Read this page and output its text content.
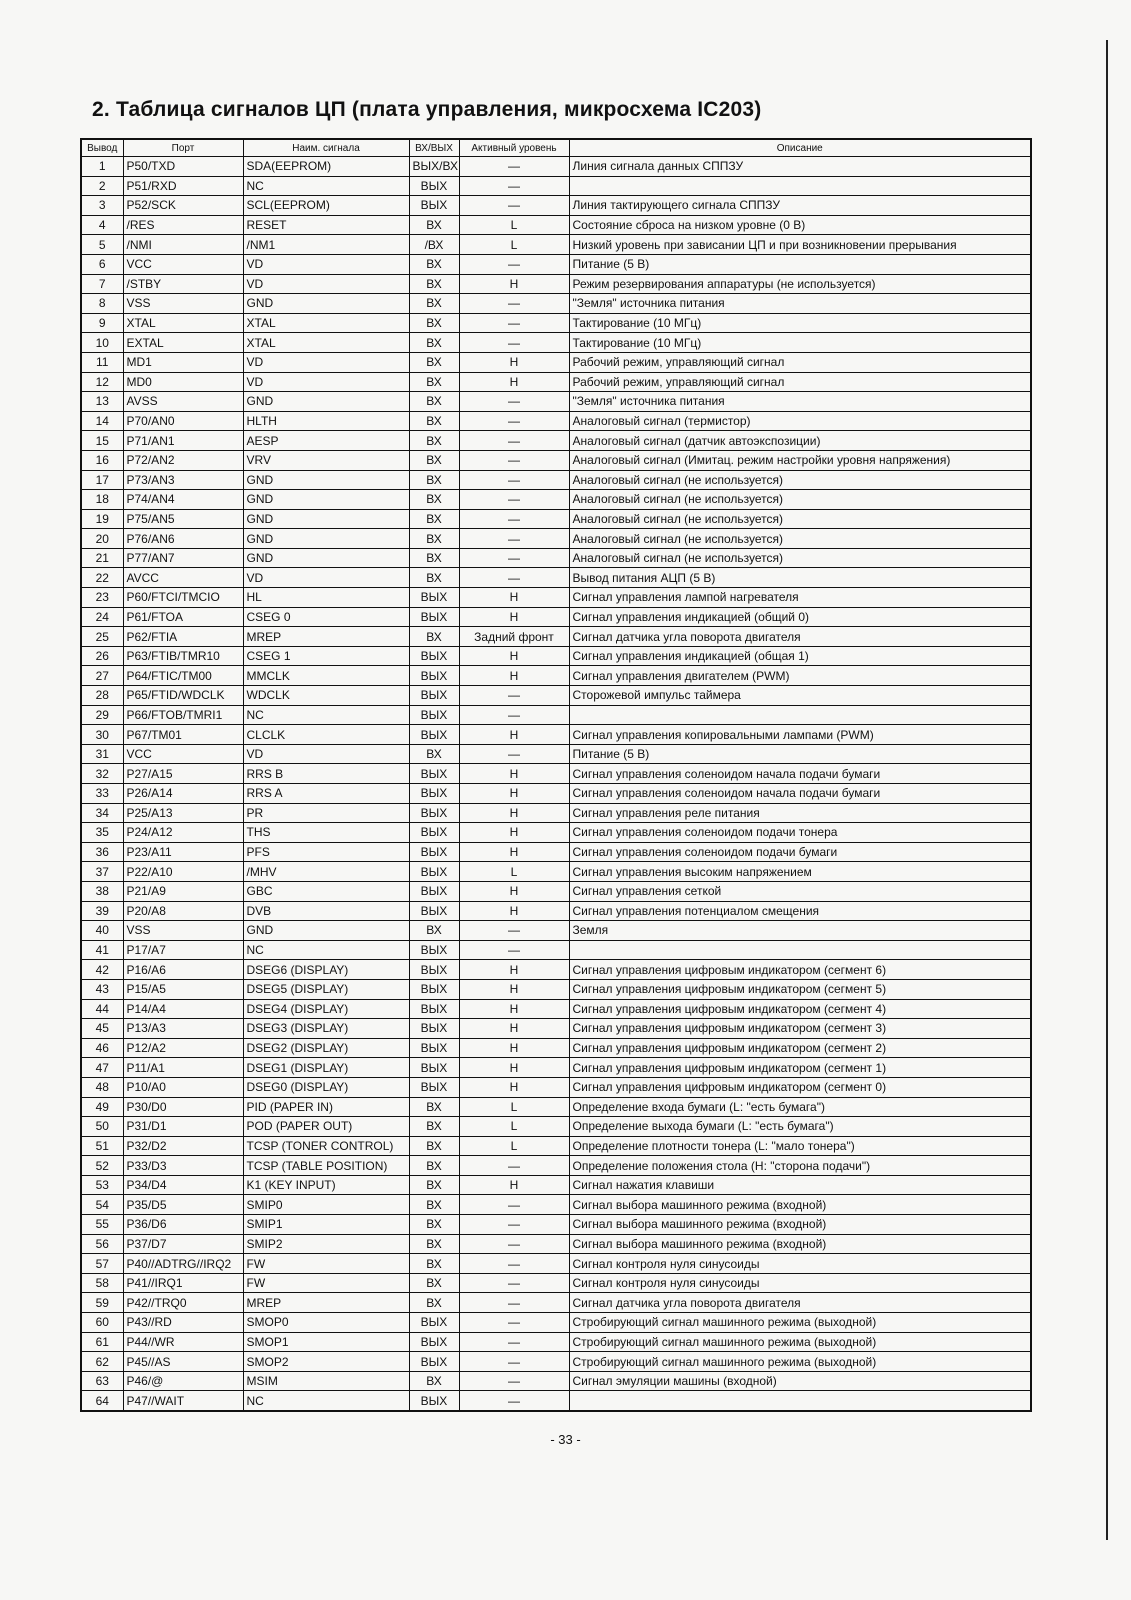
2. Таблица сигналов ЦП (плата управления, микросхема IC203)
Вывод	Порт	Наим. сигнала	ВХ/ВЫХ	Активный уровень	Описание
1	P50/TXD	SDA(EEPROM)	ВЫХ/ВХ	—	Линия сигнала данных СППЗУ
2	P51/RXD	NC	ВЫХ	—	
3	P52/SCK	SCL(EEPROM)	ВЫХ	—	Линия тактирующего сигнала СППЗУ
4	/RES	RESET	ВХ	L	Состояние сброса на низком уровне (0 В)
5	/NMI	/NM1	/ВХ	L	Низкий уровень при зависании ЦП и при возникновении прерывания
6	VCC	VD	ВХ	—	Питание (5 В)
7	/STBY	VD	ВХ	H	Режим резервирования аппаратуры (не используется)
8	VSS	GND	ВХ	—	"Земля" источника питания
9	XTAL	XTAL	ВХ	—	Тактирование (10 МГц)
10	EXTAL	XTAL	ВХ	—	Тактирование (10 МГц)
11	MD1	VD	ВХ	H	Рабочий режим, управляющий сигнал
12	MD0	VD	ВХ	H	Рабочий режим, управляющий сигнал
13	AVSS	GND	ВХ	—	"Земля" источника питания
14	P70/AN0	HLTH	ВХ	—	Аналоговый сигнал (термистор)
15	P71/AN1	AESP	ВХ	—	Аналоговый сигнал (датчик автоэкспозиции)
16	P72/AN2	VRV	ВХ	—	Аналоговый сигнал (Имитац. режим настройки уровня напряжения)
17	P73/AN3	GND	ВХ	—	Аналоговый сигнал (не используется)
18	P74/AN4	GND	ВХ	—	Аналоговый сигнал (не используется)
19	P75/AN5	GND	ВХ	—	Аналоговый сигнал (не используется)
20	P76/AN6	GND	ВХ	—	Аналоговый сигнал (не используется)
21	P77/AN7	GND	ВХ	—	Аналоговый сигнал (не используется)
22	AVCC	VD	ВХ	—	Вывод питания АЦП (5 В)
23	P60/FTCI/TMCIO	HL	ВЫХ	H	Сигнал управления лампой нагревателя
24	P61/FTOA	CSEG 0	ВЫХ	H	Сигнал управления индикацией (общий 0)
25	P62/FTIA	MREP	ВХ	Задний фронт	Сигнал датчика угла поворота двигателя
26	P63/FTIB/TMR10	CSEG 1	ВЫХ	H	Сигнал управления индикацией (общая 1)
27	P64/FTIC/TM00	MMCLK	ВЫХ	H	Сигнал управления двигателем (PWM)
28	P65/FTID/WDCLK	WDCLK	ВЫХ	—	Сторожевой импульс таймера
29	P66/FTOB/TMRI1	NC	ВЫХ	—	
30	P67/TM01	CLCLK	ВЫХ	H	Сигнал управления копировальными лампами (PWM)
31	VCC	VD	ВХ	—	Питание (5 В)
32	P27/A15	RRS B	ВЫХ	H	Сигнал управления соленоидом начала подачи бумаги
33	P26/A14	RRS A	ВЫХ	H	Сигнал управления соленоидом начала подачи бумаги
34	P25/A13	PR	ВЫХ	H	Сигнал управления реле питания
35	P24/A12	THS	ВЫХ	H	Сигнал управления соленоидом подачи тонера
36	P23/A11	PFS	ВЫХ	H	Сигнал управления соленоидом подачи бумаги
37	P22/A10	/MHV	ВЫХ	L	Сигнал управления высоким напряжением
38	P21/A9	GBC	ВЫХ	H	Сигнал управления сеткой
39	P20/A8	DVB	ВЫХ	H	Сигнал управления потенциалом смещения
40	VSS	GND	ВХ	—	Земля
41	P17/A7	NC	ВЫХ	—	
42	P16/A6	DSEG6 (DISPLAY)	ВЫХ	H	Сигнал управления цифровым индикатором (сегмент 6)
43	P15/A5	DSEG5 (DISPLAY)	ВЫХ	H	Сигнал управления цифровым индикатором (сегмент 5)
44	P14/A4	DSEG4 (DISPLAY)	ВЫХ	H	Сигнал управления цифровым индикатором (сегмент 4)
45	P13/A3	DSEG3 (DISPLAY)	ВЫХ	H	Сигнал управления цифровым индикатором (сегмент 3)
46	P12/A2	DSEG2 (DISPLAY)	ВЫХ	H	Сигнал управления цифровым индикатором (сегмент 2)
47	P11/A1	DSEG1 (DISPLAY)	ВЫХ	H	Сигнал управления цифровым индикатором (сегмент 1)
48	P10/A0	DSEG0 (DISPLAY)	ВЫХ	H	Сигнал управления цифровым индикатором (сегмент 0)
49	P30/D0	PID (PAPER IN)	ВХ	L	Определение входа бумаги (L: "есть бумага")
50	P31/D1	POD (PAPER OUT)	ВХ	L	Определение выхода бумаги (L: "есть бумага")
51	P32/D2	TCSP (TONER CONTROL)	ВХ	L	Определение плотности тонера (L: "мало тонера")
52	P33/D3	TCSP (TABLE POSITION)	ВХ	—	Определение положения стола (H: "сторона подачи")
53	P34/D4	K1 (KEY INPUT)	ВХ	H	Сигнал нажатия клавиши
54	P35/D5	SMIP0	ВХ	—	Сигнал выбора машинного режима (входной)
55	P36/D6	SMIP1	ВХ	—	Сигнал выбора машинного режима (входной)
56	P37/D7	SMIP2	ВХ	—	Сигнал выбора машинного режима (входной)
57	P40//ADTRG//IRQ2	FW	ВХ	—	Сигнал контроля нуля синусоиды
58	P41//IRQ1	FW	ВХ	—	Сигнал контроля нуля синусоиды
59	P42//TRQ0	MREP	ВХ	—	Сигнал датчика угла поворота двигателя
60	P43//RD	SMOP0	ВЫХ	—	Стробирующий сигнал машинного режима (выходной)
61	P44//WR	SMOP1	ВЫХ	—	Стробирующий сигнал машинного режима (выходной)
62	P45//AS	SMOP2	ВЫХ	—	Стробирующий сигнал машинного режима (выходной)
63	P46/@	MSIM	ВХ	—	Сигнал эмуляции машины (входной)
64	P47//WAIT	NC	ВЫХ	—	
- 33 -
